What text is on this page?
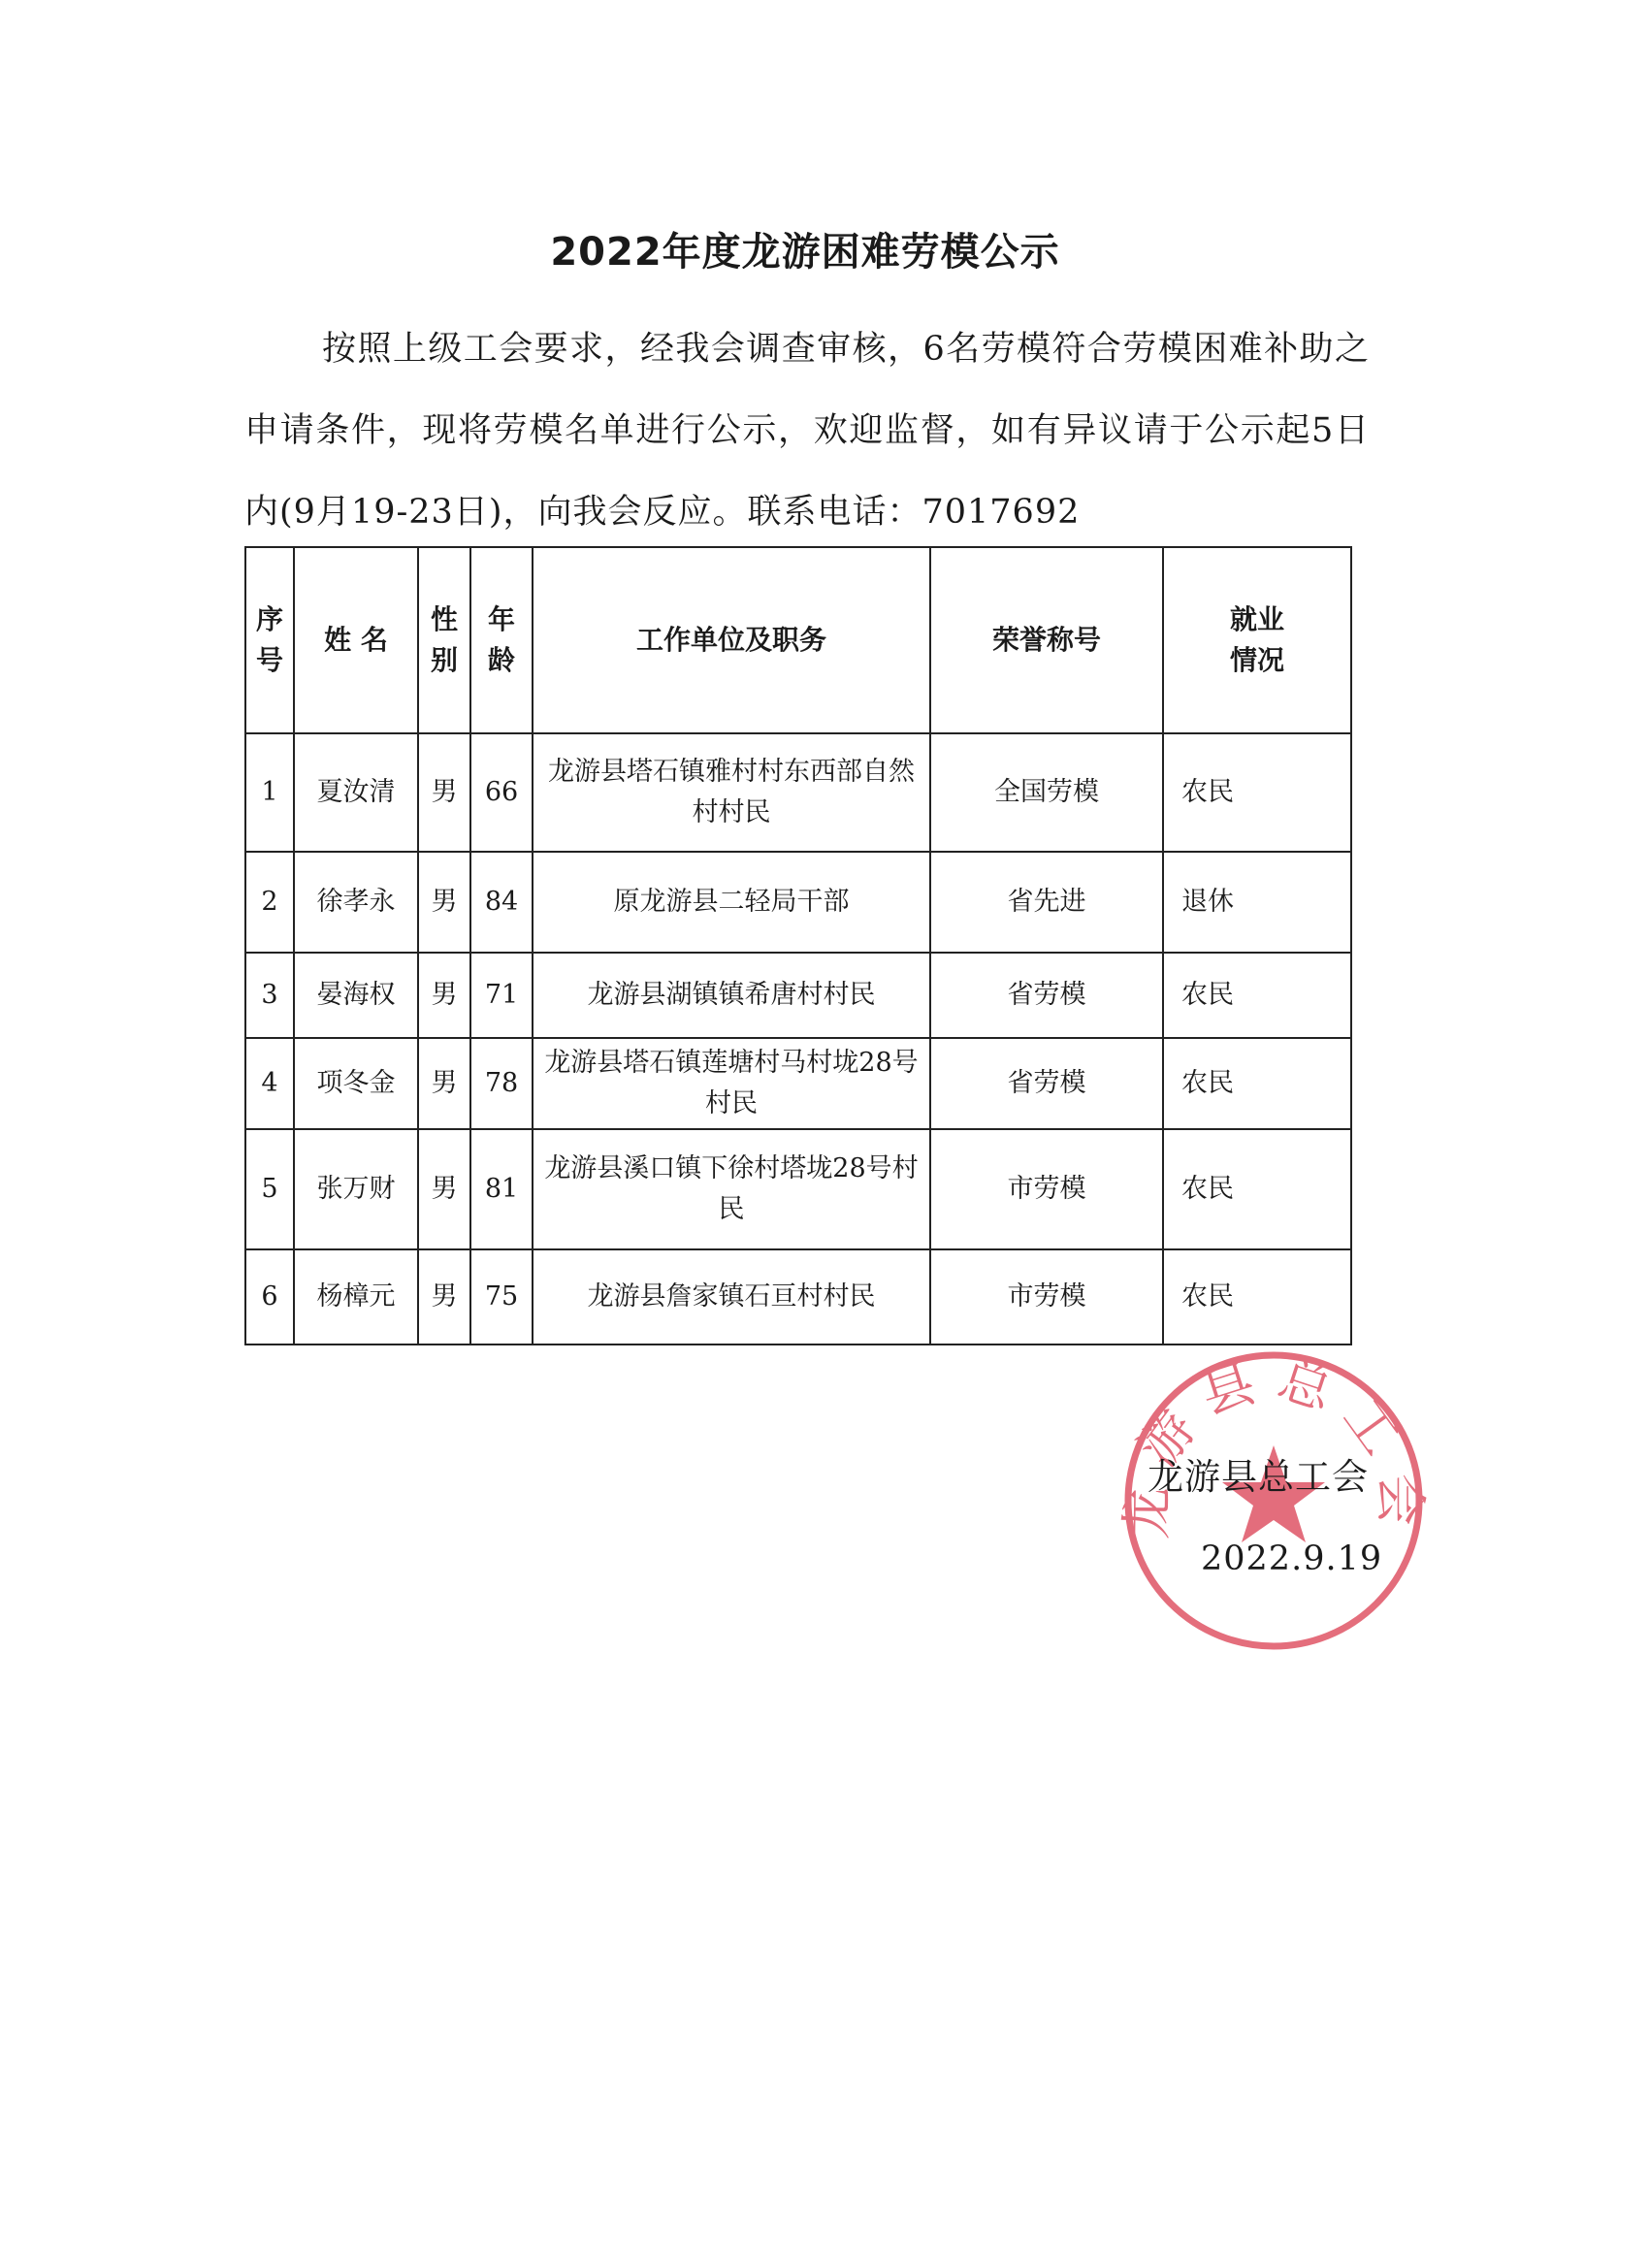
2022年度龙游困难劳模公示
按照上级工会要求，经我会调查审核，6名劳模符合劳模困难补助之申请条件，现将劳模名单进行公示，欢迎监督，如有异议请于公示起5日内(9月19-23日)，向我会反应。联系电话：7017692
序号	姓 名	性别	年龄	工作单位及职务	荣誉称号	就业情况
1	夏汝清	男	66	龙游县塔石镇雅村村东西部自然村村民	全国劳模	农民
2	徐孝永	男	84	原龙游县二轻局干部	省先进	退休
3	晏海权	男	71	龙游县湖镇镇希唐村村民	省劳模	农民
4	项冬金	男	78	龙游县塔石镇莲塘村马村垅28号村民	省劳模	农民
5	张万财	男	81	龙游县溪口镇下徐村塔垅28号村民	市劳模	农民
6	杨樟元	男	75	龙游县詹家镇石亘村村民	市劳模	农民
龙游县总工会
龙游县总工会
2022.9.19
